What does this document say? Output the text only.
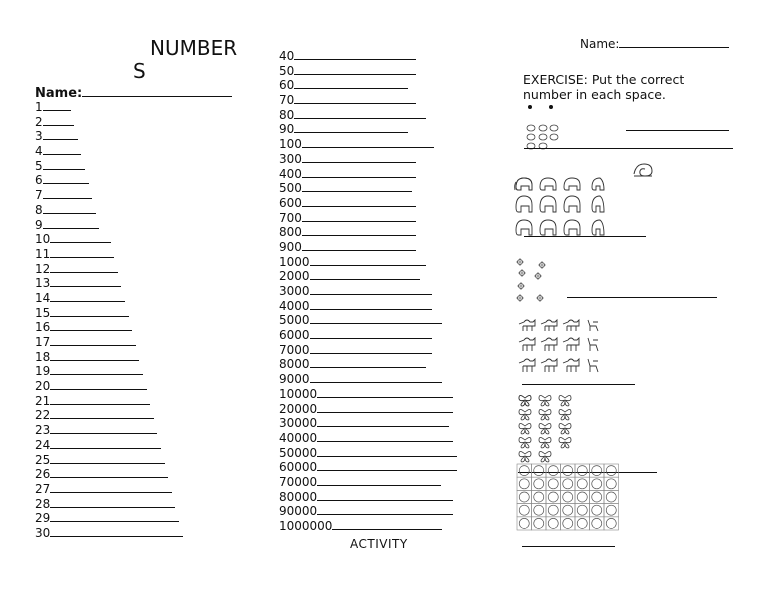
NUMBER
S
Name:
1
2
3
4
5
6
7
8
9
10
11
12
13
14
15
16
17
18
19
20
21
22
23
24
25
26
27
28
29
30
40
50
60
70
80
90
100
300
400
500
600
700
800
900
1000
2000
3000
4000
5000
6000
7000
8000
9000
10000
20000
30000
40000
50000
60000
70000
80000
90000
1000000
ACTIVITY
Name:
EXERCISE: Put the correct number in each space.
